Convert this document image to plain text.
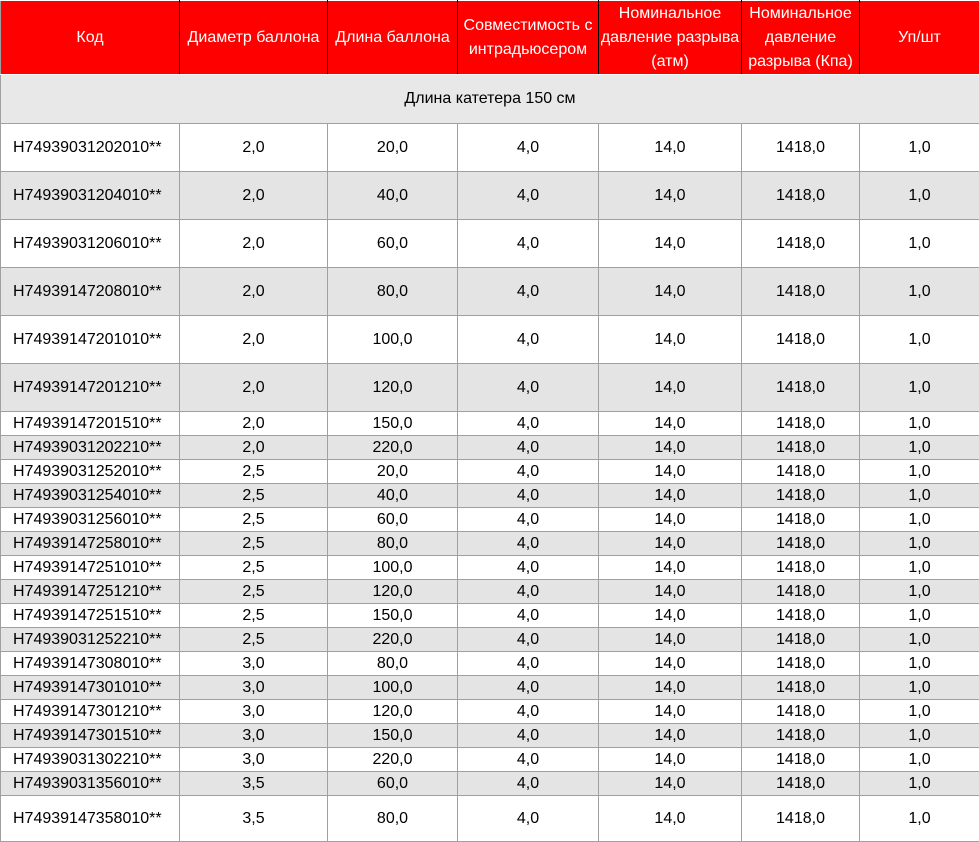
Код	Диаметр баллона	Длина баллона	Совместимость с интрадьюсером	Номинальное давление разрыва (атм)	Номинальное давление разрыва (Кпа)	Уп/шт
Длина катетера 150 см						
H74939031202010**	2,0	20,0	4,0	14,0	1418,0	1,0
H74939031204010**	2,0	40,0	4,0	14,0	1418,0	1,0
H74939031206010**	2,0	60,0	4,0	14,0	1418,0	1,0
H74939147208010**	2,0	80,0	4,0	14,0	1418,0	1,0
H74939147201010**	2,0	100,0	4,0	14,0	1418,0	1,0
H74939147201210**	2,0	120,0	4,0	14,0	1418,0	1,0
H74939147201510**	2,0	150,0	4,0	14,0	1418,0	1,0
H74939031202210**	2,0	220,0	4,0	14,0	1418,0	1,0
H74939031252010**	2,5	20,0	4,0	14,0	1418,0	1,0
H74939031254010**	2,5	40,0	4,0	14,0	1418,0	1,0
H74939031256010**	2,5	60,0	4,0	14,0	1418,0	1,0
H74939147258010**	2,5	80,0	4,0	14,0	1418,0	1,0
H74939147251010**	2,5	100,0	4,0	14,0	1418,0	1,0
H74939147251210**	2,5	120,0	4,0	14,0	1418,0	1,0
H74939147251510**	2,5	150,0	4,0	14,0	1418,0	1,0
H74939031252210**	2,5	220,0	4,0	14,0	1418,0	1,0
H74939147308010**	3,0	80,0	4,0	14,0	1418,0	1,0
H74939147301010**	3,0	100,0	4,0	14,0	1418,0	1,0
H74939147301210**	3,0	120,0	4,0	14,0	1418,0	1,0
H74939147301510**	3,0	150,0	4,0	14,0	1418,0	1,0
H74939031302210**	3,0	220,0	4,0	14,0	1418,0	1,0
H74939031356010**	3,5	60,0	4,0	14,0	1418,0	1,0
H74939147358010**	3,5	80,0	4,0	14,0	1418,0	1,0
